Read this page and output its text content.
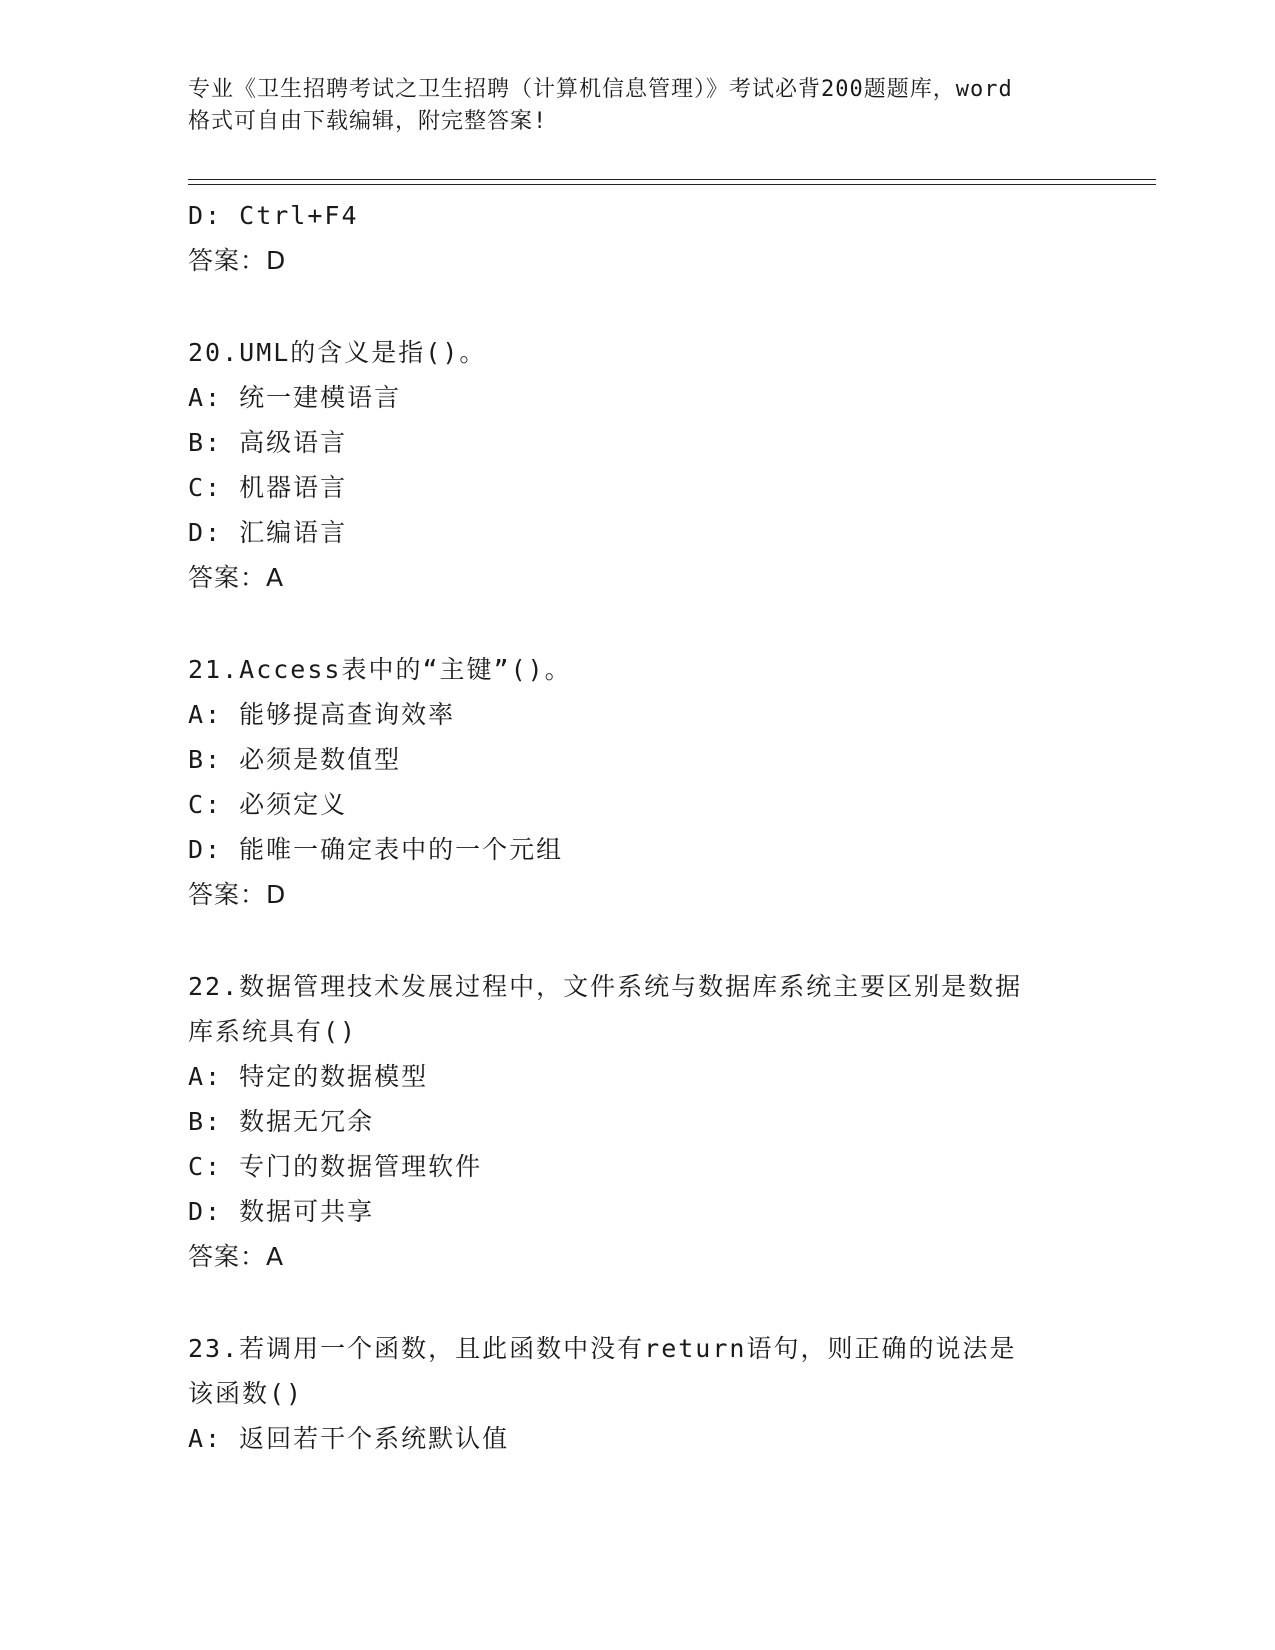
专业《卫生招聘考试之卫生招聘（计算机信息管理）》考试必背200题题库，word
格式可自由下载编辑，附完整答案!
D: Ctrl+F4
答案：D
20.UML的含义是指()。
A: 统一建模语言
B: 高级语言
C: 机器语言
D: 汇编语言
答案：A
21.Access表中的“主键”()。
A: 能够提高查询效率
B: 必须是数值型
C: 必须定义
D: 能唯一确定表中的一个元组
答案：D
22.数据管理技术发展过程中，文件系统与数据库系统主要区别是数据
库系统具有()
A: 特定的数据模型
B: 数据无冗余
C: 专门的数据管理软件
D: 数据可共享
答案：A
23.若调用一个函数，且此函数中没有return语句，则正确的说法是
该函数()
A: 返回若干个系统默认值
